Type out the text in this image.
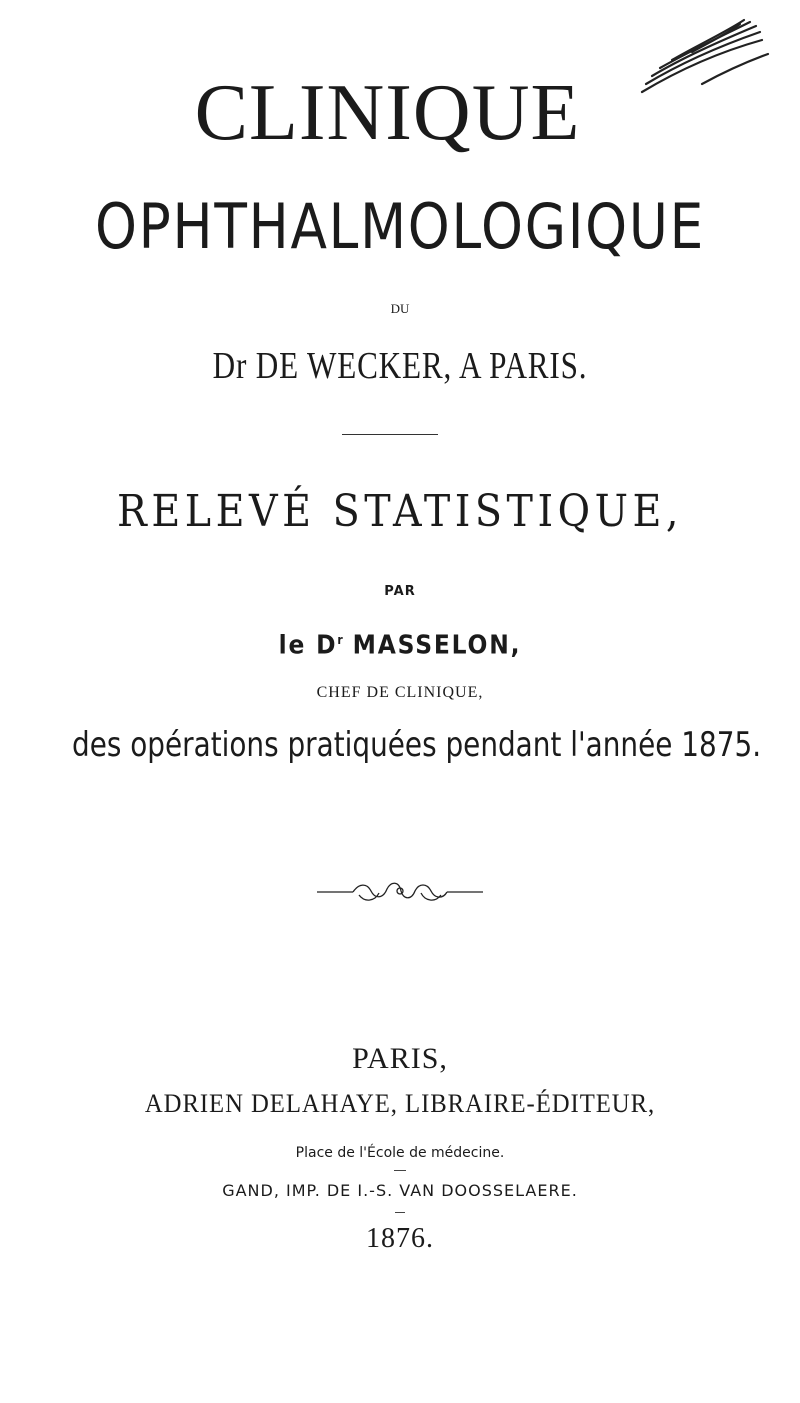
CLINIQUE
OPHTHALMOLOGIQUE
DU
Dr DE WECKER, A PARIS.
RELEVÉ STATISTIQUE,
PAR
le $D^r$ MASSELON,
CHEF DE CLINIQUE,
des opérations pratiquées pendant l'année 1875.
PARIS,
ADRIEN DELAHAYE, LIBRAIRE-ÉDITEUR,
Place de l'École de médecine.
GAND, IMP. DE I.-S. VAN DOOSSELAERE.
1876.
